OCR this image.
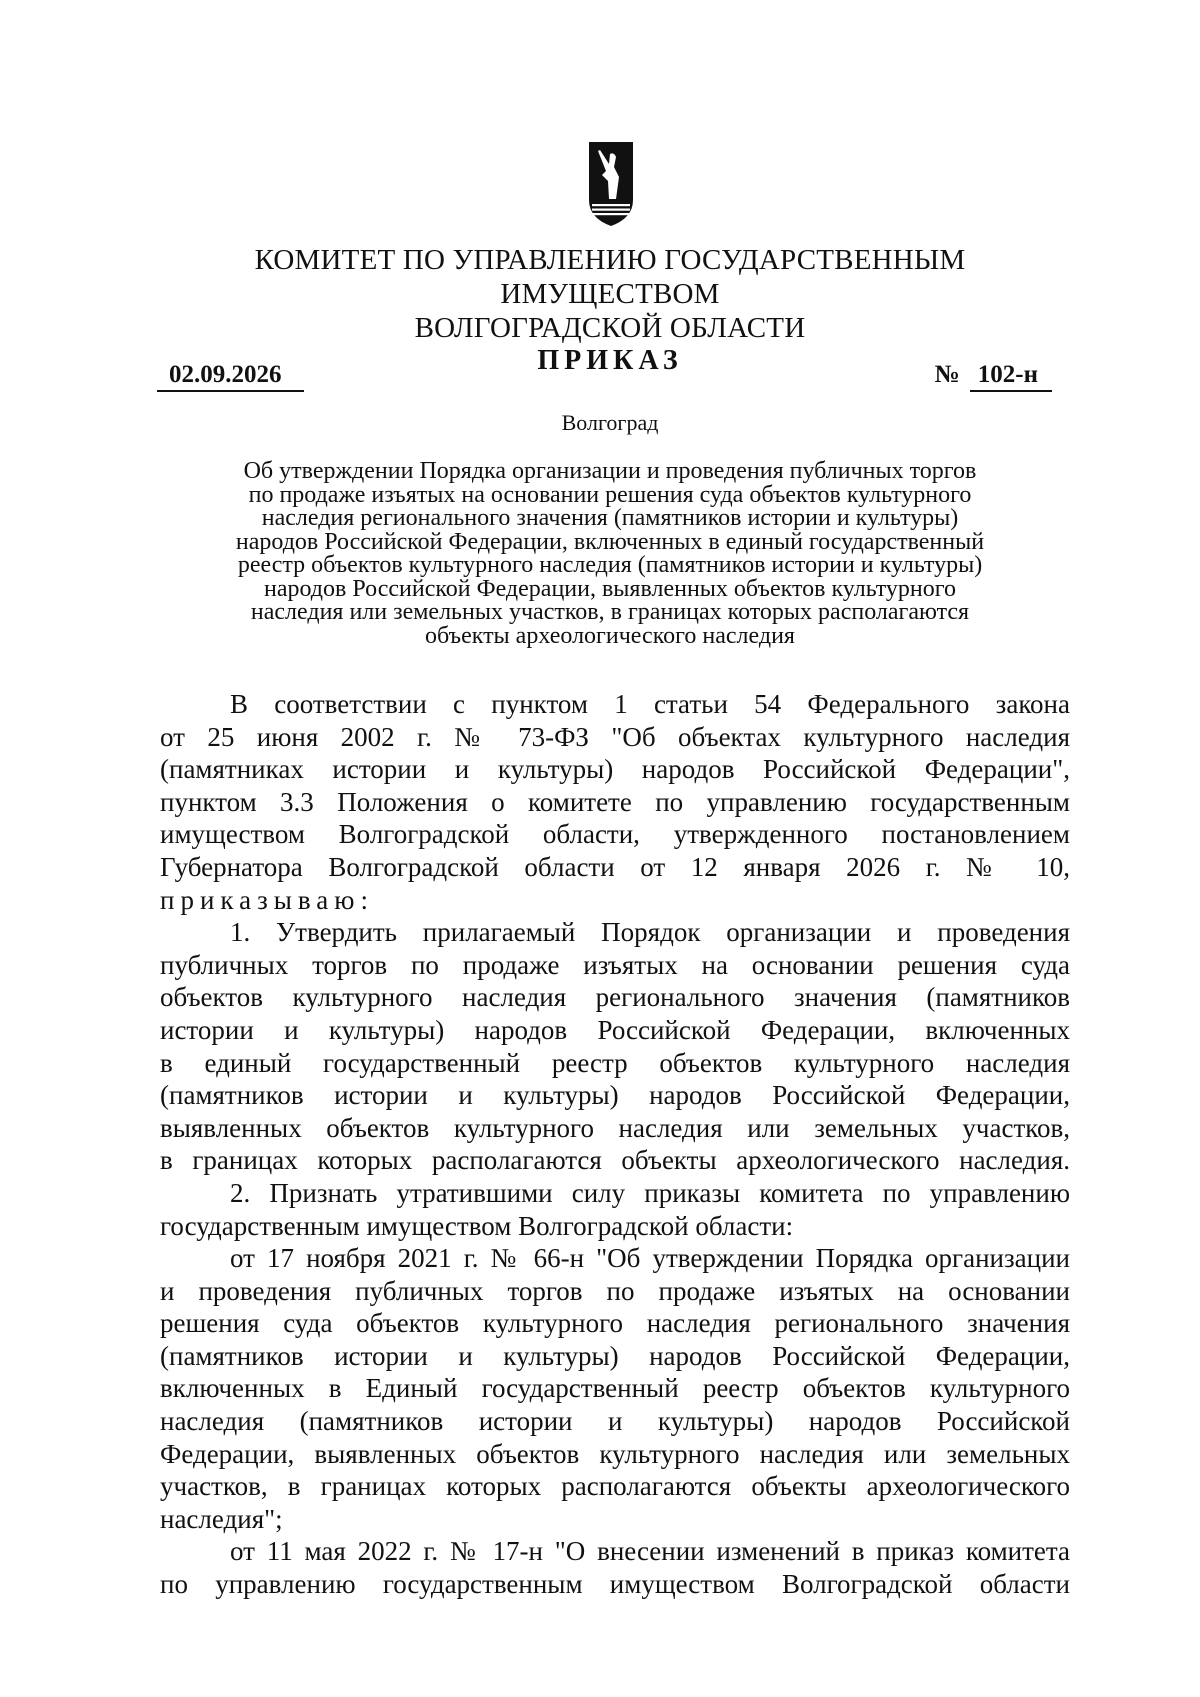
КОМИТЕТ ПО УПРАВЛЕНИЮ ГОСУДАРСТВЕННЫМ ИМУЩЕСТВОМ
ВОЛГОГРАДСКОЙ ОБЛАСТИ
ПРИКАЗ
02.09.2026	№ 102-н
Волгоград
Об утверждении Порядка организации и проведения публичных торгов
по продаже изъятых на основании решения суда объектов культурного
наследия регионального значения (памятников истории и культуры)
народов Российской Федерации, включенных в единый государственный
реестр объектов культурного наследия (памятников истории и культуры)
народов Российской Федерации, выявленных объектов культурного
наследия или земельных участков, в границах которых располагаются
объекты археологического наследия
В соответствии с пунктом 1 статьи 54 Федерального закона
от 25 июня 2002 г. № 73-ФЗ "Об объектах культурного наследия
(памятниках истории и культуры) народов Российской Федерации",
пунктом 3.3 Положения о комитете по управлению государственным
имуществом Волгоградской области, утвержденного постановлением
Губернатора Волгоградской области от 12 января 2026 г. № 10,
приказываю:
1. Утвердить прилагаемый Порядок организации и проведения
публичных торгов по продаже изъятых на основании решения суда
объектов культурного наследия регионального значения (памятников
истории и культуры) народов Российской Федерации, включенных
в единый государственный реестр объектов культурного наследия
(памятников истории и культуры) народов Российской Федерации,
выявленных объектов культурного наследия или земельных участков,
в границах которых располагаются объекты археологического наследия.
2. Признать утратившими силу приказы комитета по управлению
государственным имуществом Волгоградской области:
от 17 ноября 2021 г. № 66-н "Об утверждении Порядка организации
и проведения публичных торгов по продаже изъятых на основании
решения суда объектов культурного наследия регионального значения
(памятников истории и культуры) народов Российской Федерации,
включенных в Единый государственный реестр объектов культурного
наследия (памятников истории и культуры) народов Российской
Федерации, выявленных объектов культурного наследия или земельных
участков, в границах которых располагаются объекты археологического
наследия";
от 11 мая 2022 г. № 17-н "О внесении изменений в приказ комитета
по управлению государственным имуществом Волгоградской области
